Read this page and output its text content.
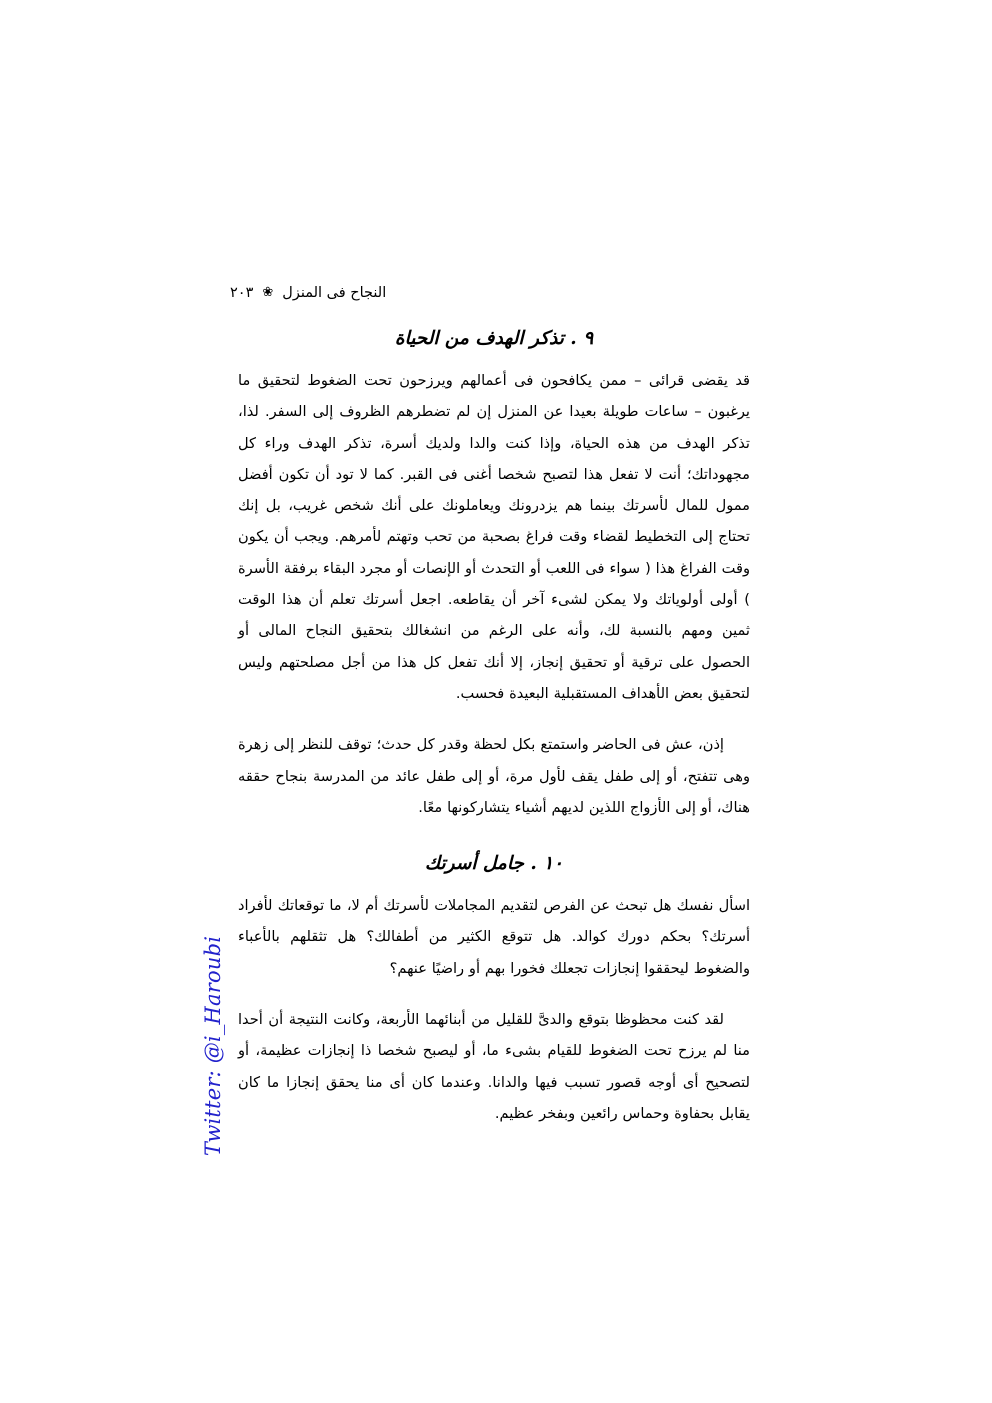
النجاح فى المنزل
❀
٢٠٣
٩ . تذكر الهدف من الحياة

قد يقضى قرائى – ممن يكافحون فى أعمالهم ويرزحون تحت الضغوط لتحقيق ما يرغبون – ساعات طويلة بعيدا عن المنزل إن لم تضطرهم الظروف إلى السفر. لذا، تذكر الهدف من هذه الحياة، وإذا كنت والدا ولديك أسرة، تذكر الهدف وراء كل مجهوداتك؛ أنت لا تفعل هذا لتصبح شخصا أغنى فى القبر. كما لا تود أن تكون أفضل ممول للمال لأسرتك بينما هم يزدرونك ويعاملونك على أنك شخص غريب، بل إنك تحتاج إلى التخطيط لقضاء وقت فراغ بصحبة من تحب وتهتم لأمرهم. ويجب أن يكون وقت الفراغ هذا ( سواء فى اللعب أو التحدث أو الإنصات أو مجرد البقاء برفقة الأسرة ) أولى أولوياتك ولا يمكن لشىء آخر أن يقاطعه. اجعل أسرتك تعلم أن هذا الوقت ثمين ومهم بالنسبة لك، وأنه على الرغم من انشغالك بتحقيق النجاح المالى أو الحصول على ترقية أو تحقيق إنجاز، إلا أنك تفعل كل هذا من أجل مصلحتهم وليس لتحقيق بعض الأهداف المستقبلية البعيدة فحسب.

إذن، عش فى الحاضر واستمتع بكل لحظة وقدر كل حدث؛ توقف للنظر إلى زهرة وهى تتفتح، أو إلى طفل يقف لأول مرة، أو إلى طفل عائد من المدرسة بنجاح حققه هناك، أو إلى الأزواج اللذين لديهم أشياء يتشاركونها معًا.

١٠ . جامل أسرتك

اسأل نفسك هل تبحث عن الفرص لتقديم المجاملات لأسرتك أم لا، ما توقعاتك لأفراد أسرتك؟ بحكم دورك كوالد. هل تتوقع الكثير من أطفالك؟ هل تثقلهم بالأعباء والضغوط ليحققوا إنجازات تجعلك فخورا بهم أو راضيًا عنهم؟

لقد كنت محظوظا بتوقع والدىَّ للقليل من أبنائهما الأربعة، وكانت النتيجة أن أحدا منا لم يرزح تحت الضغوط للقيام بشىء ما، أو ليصبح شخصا ذا إنجازات عظيمة، أو لتصحيح أى أوجه قصور تسبب فيها والدانا. وعندما كان أى منا يحقق إنجازا ما كان يقابل بحفاوة وحماس رائعين وبفخر عظيم.

Twitter: @i_Haroubi
